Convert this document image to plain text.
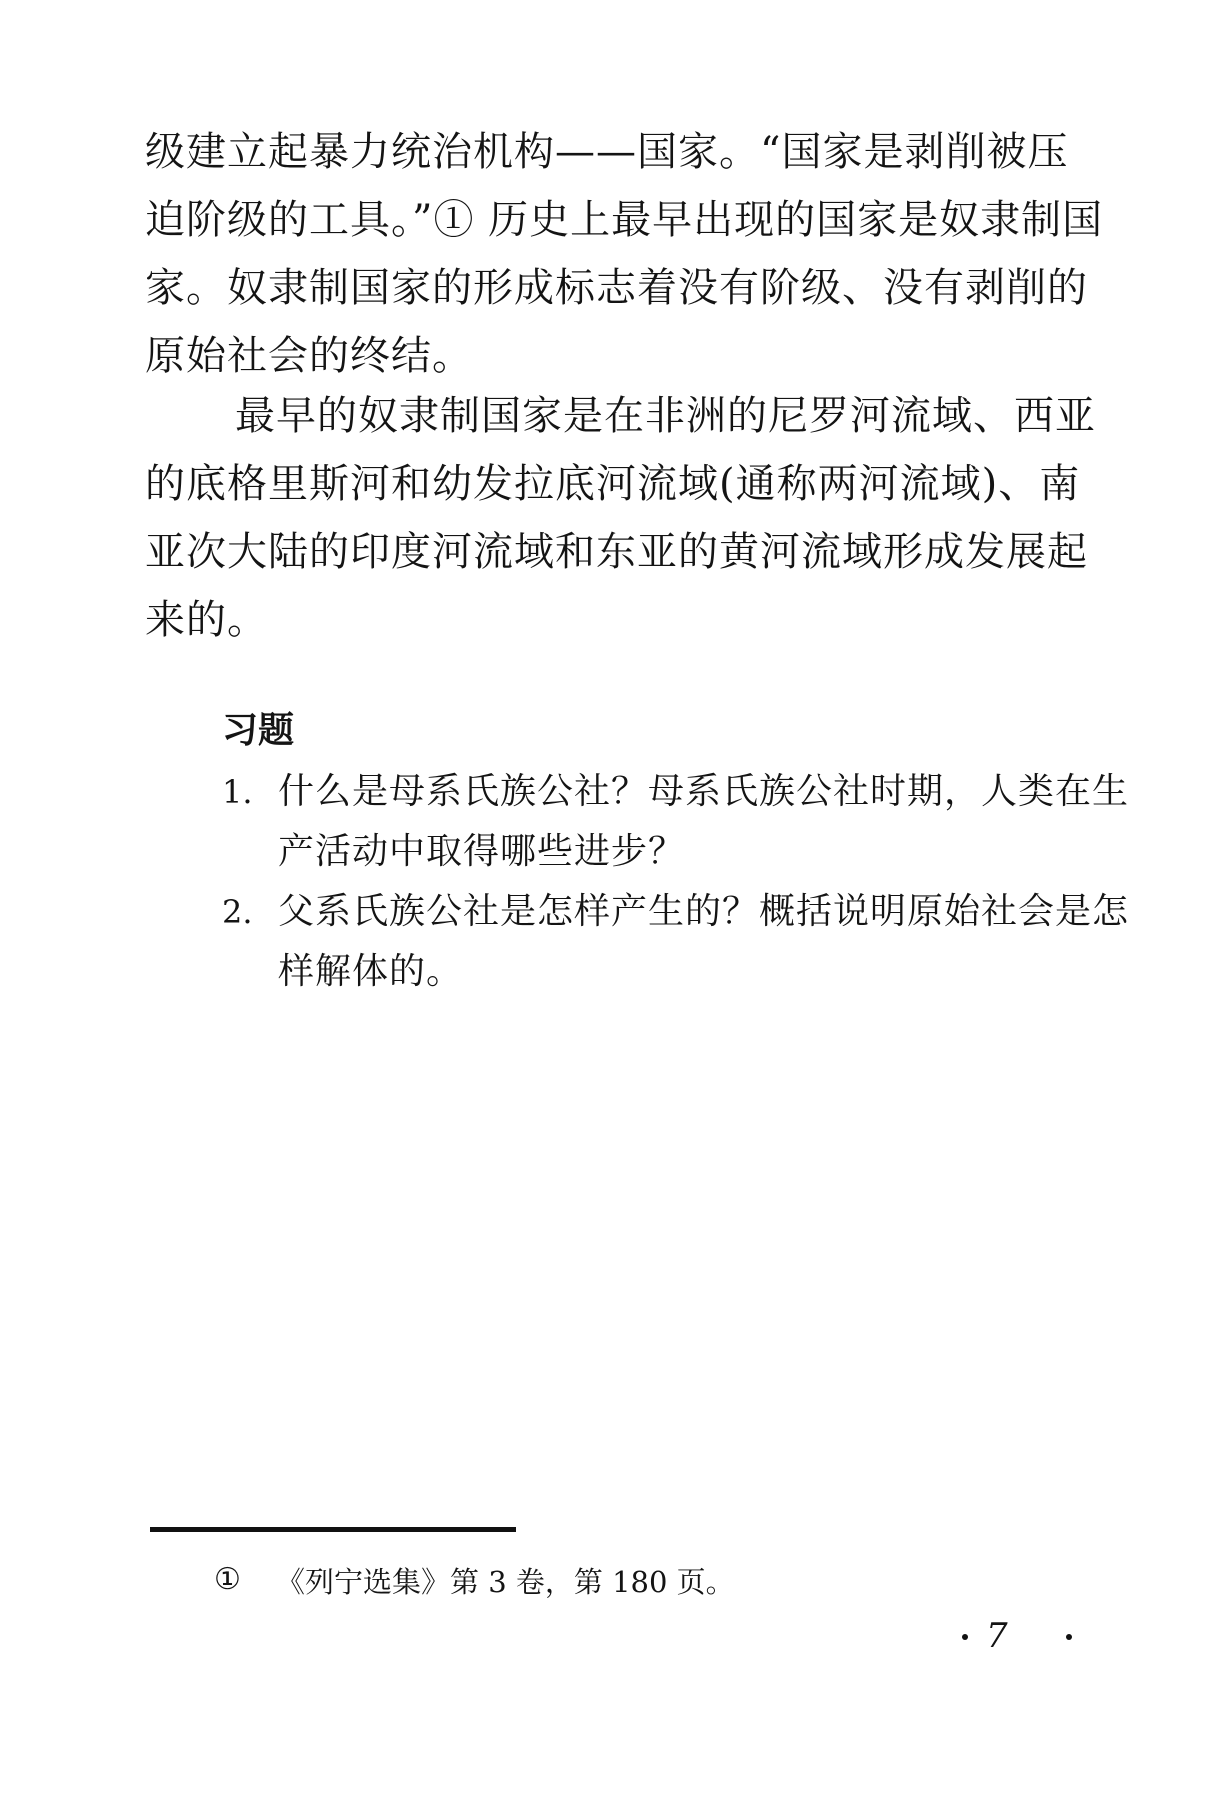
级建立起暴力统治机构——国家。“国家是剥削被压
迫阶级的工具。”① 历史上最早出现的国家是奴隶制国
家。奴隶制国家的形成标志着没有阶级、没有剥削的
原始社会的终结。
最早的奴隶制国家是在非洲的尼罗河流域、西亚
的底格里斯河和幼发拉底河流域(通称两河流域)、南
亚次大陆的印度河流域和东亚的黄河流域形成发展起
来的。
习题
1. 什么是母系氏族公社？母系氏族公社时期，人类在生
产活动中取得哪些进步？
2. 父系氏族公社是怎样产生的？概括说明原始社会是怎
样解体的。
① 《列宁选集》第 3 卷，第 180 页。
7
